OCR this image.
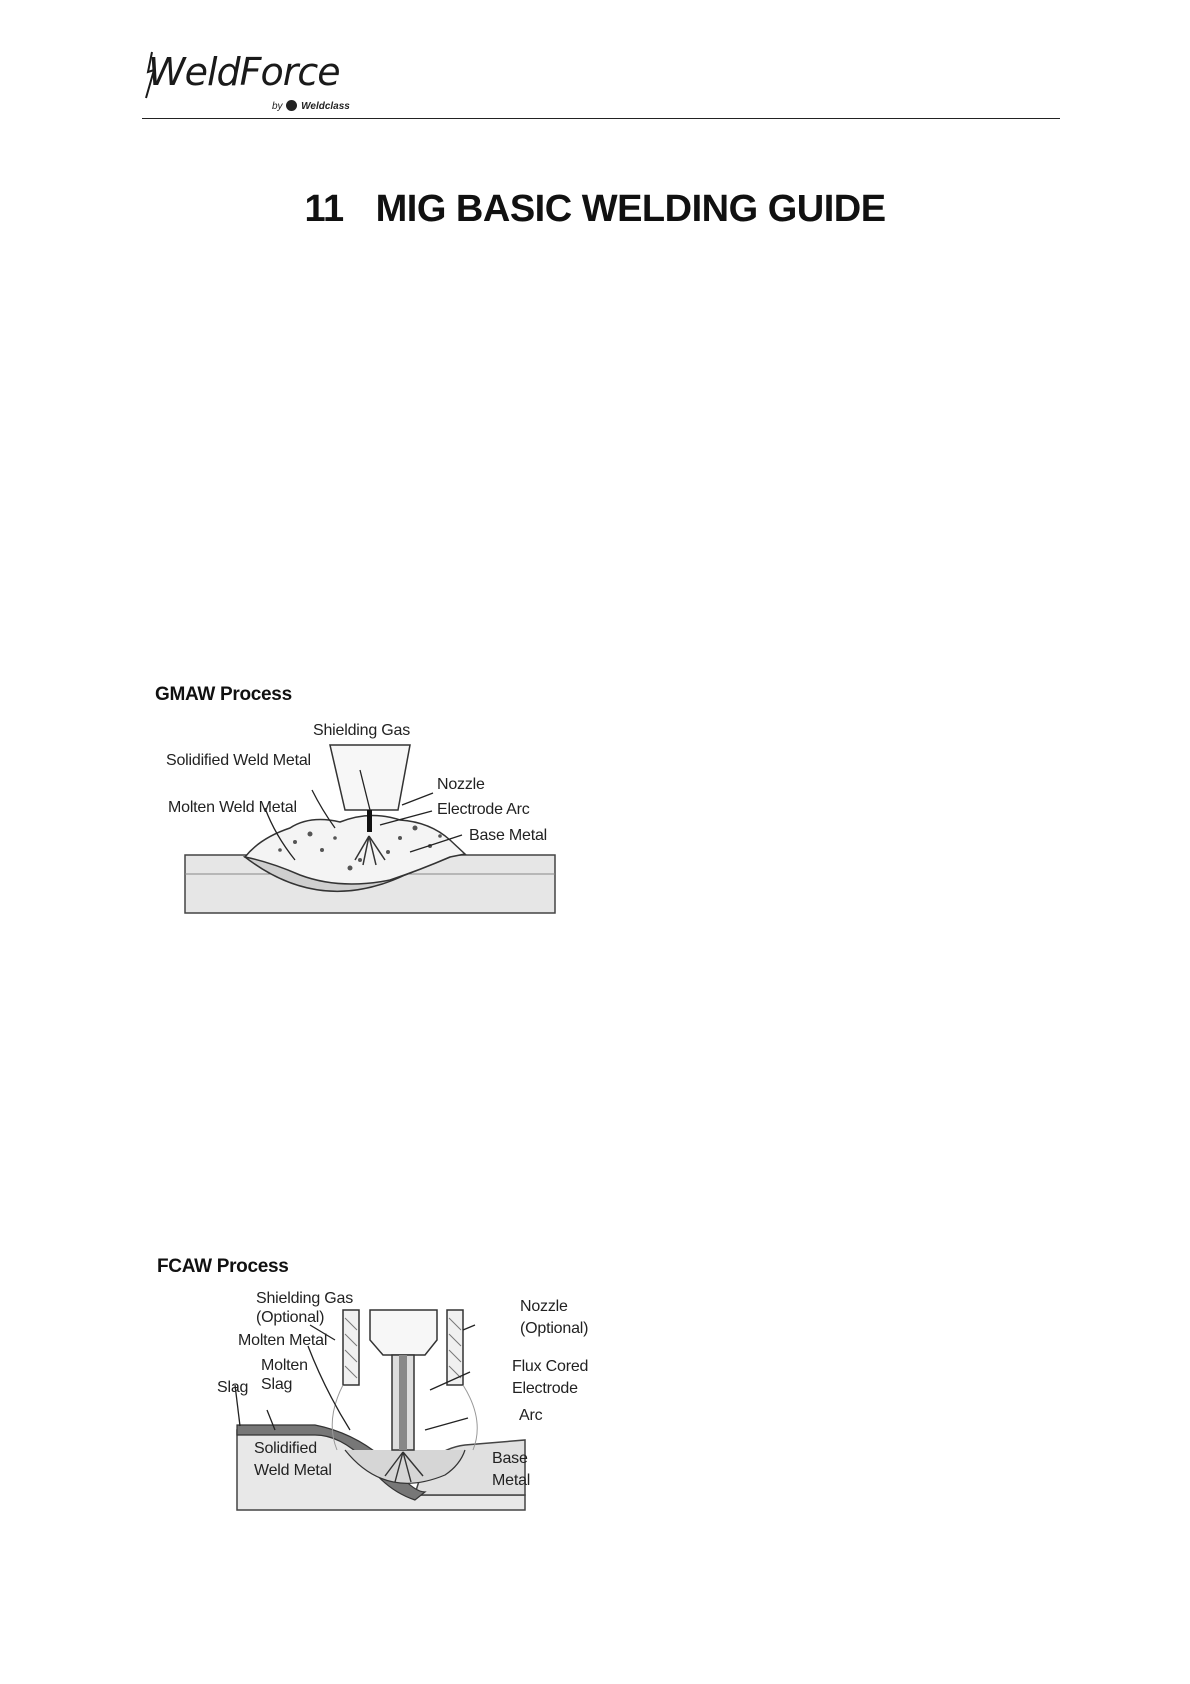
WeldForce
by Weldclass
11 MIG BASIC WELDING GUIDE
GMAW Process
Shielding Gas
Solidified Weld Metal
Nozzle
Molten Weld Metal	Electrode Arc
Base Metal
FCAW Process
Shielding Gas
(Optional)
Nozzle
(Optional)
Molten Metal
Molten
Slag
Flux Cored
Electrode
Slag
Arc
Solidified
Weld Metal
Base
Metal
